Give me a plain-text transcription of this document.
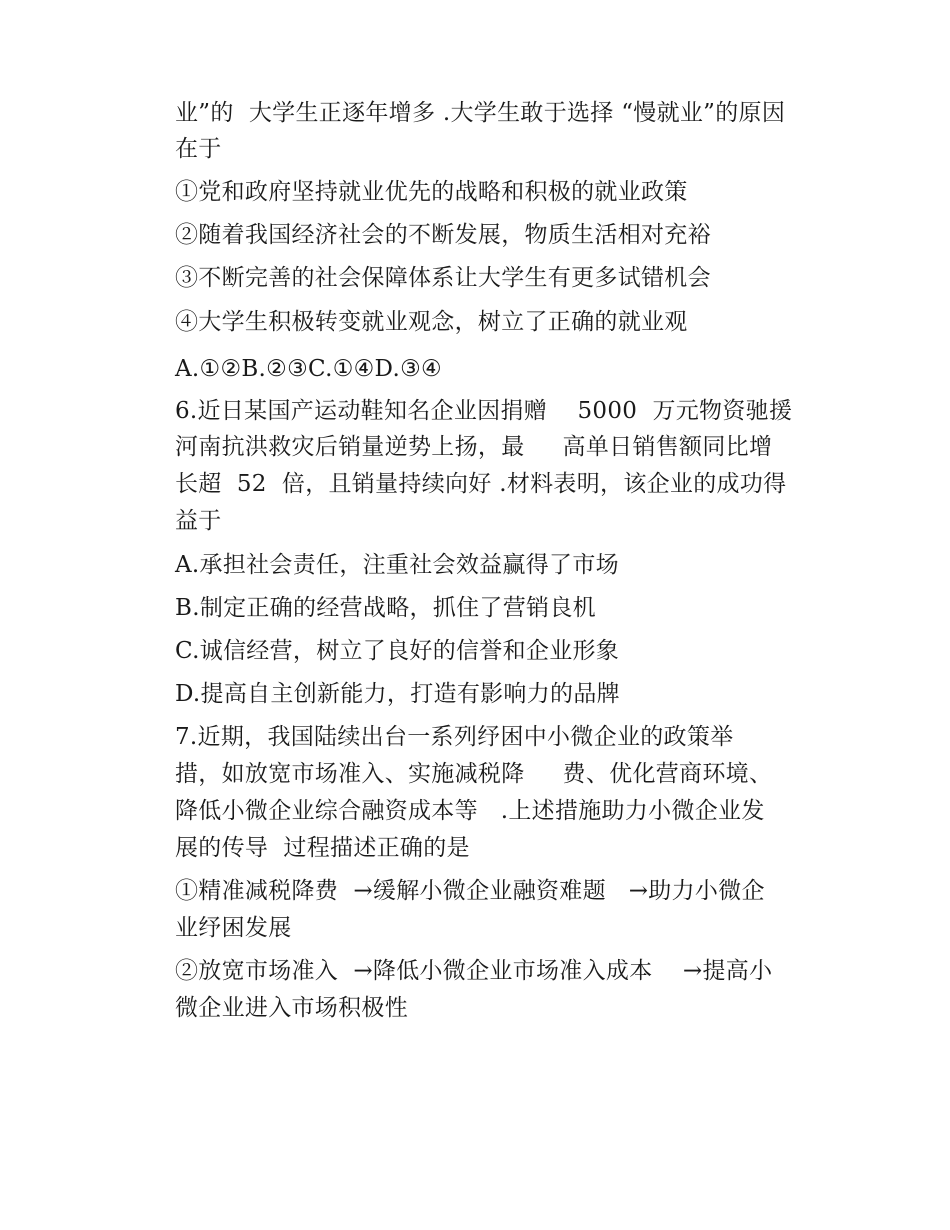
业”的  大学生正逐年增多 .大学生敢于选择 “慢就业”的原因
在于
①党和政府坚持就业优先的战略和积极的就业政策
②随着我国经济社会的不断发展，物质生活相对充裕
③不断完善的社会保障体系让大学生有更多试错机会
④大学生积极转变就业观念，树立了正确的就业观
A.①②B.②③C.①④D.③④
6.近日某国产运动鞋知名企业因捐赠    5000  万元物资驰援
河南抗洪救灾后销量逆势上扬，最     高单日销售额同比增
长超  52  倍，且销量持续向好 .材料表明，该企业的成功得
益于
A.承担社会责任，注重社会效益赢得了市场
B.制定正确的经营战略，抓住了营销良机
C.诚信经营，树立了良好的信誉和企业形象
D.提高自主创新能力，打造有影响力的品牌
7.近期，我国陆续出台一系列纾困中小微企业的政策举
措，如放宽市场准入、实施减税降     费、优化营商环境、
降低小微企业综合融资成本等   .上述措施助力小微企业发
展的传导  过程描述正确的是
①精准减税降费  →缓解小微企业融资难题   →助力小微企
业纾困发展
②放宽市场准入  →降低小微企业市场准入成本    →提高小
微企业进入市场积极性
